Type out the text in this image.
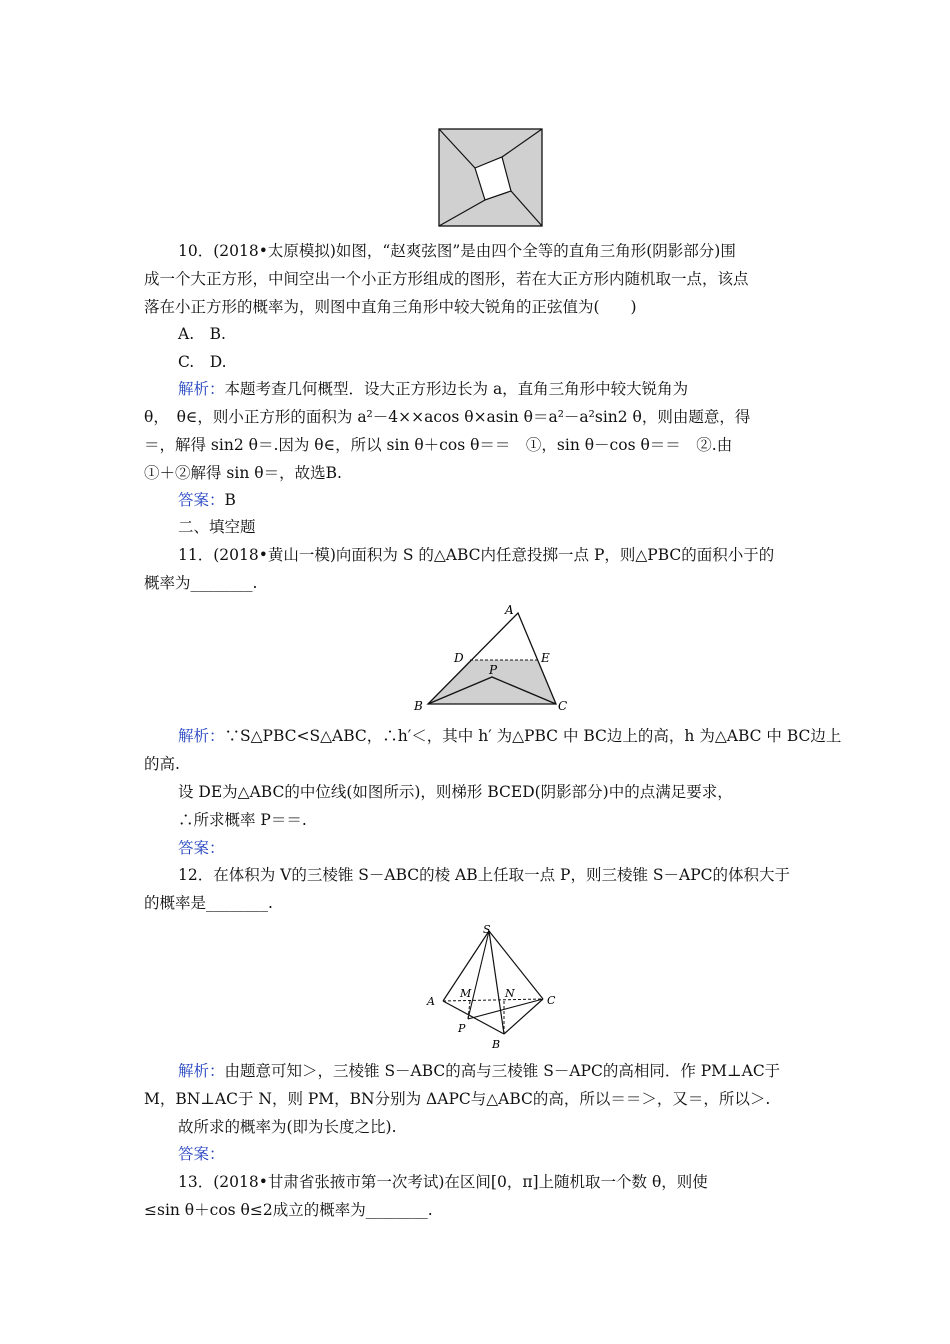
10．(2018•太原模拟)如图，“赵爽弦图”是由四个全等的直角三角形(阴影部分)围
成一个大正方形，中间空出一个小正方形组成的图形，若在大正方形内随机取一点，该点
落在小正方形的概率为，则图中直角三角形中较大锐角的正弦值为(　　)
A.　B.
C.　D.
解析：本题考查几何概型．设大正方形边长为 a，直角三角形中较大锐角为
θ，　θ∈，则小正方形的面积为 a²－4××acos θ×asin θ＝a²－a²sin2 θ，则由题意，得
＝，解得 sin2 θ＝.因为 θ∈，所以 sin θ＋cos θ＝＝　①，sin θ－cos θ＝＝　②.由
①＋②解得 sin θ＝，故选B.
答案：B
二、填空题
11．(2018•黄山一模)向面积为 S 的△ABC内任意投掷一点 P，则△PBC的面积小于的
概率为________.
A
D	E
P
B	C
解析：∵S△PBC<S△ABC，∴h′＜，其中 h′ 为△PBC 中 BC边上的高，h 为△ABC 中 BC边上
的高.
设 DE为△ABC的中位线(如图所示)，则梯形 BCED(阴影部分)中的点满足要求，
∴所求概率 P＝＝.
答案：
12．在体积为 V的三棱锥 S－ABC的棱 AB上任取一点 P，则三棱锥 S－APC的体积大于
的概率是________.
S
A
M	N
C
P
B
解析：由题意可知＞，三棱锥 S－ABC的高与三棱锥 S－APC的高相同．作 PM⊥AC于
M，BN⊥AC于 N，则 PM，BN分别为 ΔAPC与△ABC的高，所以＝＝＞，又＝，所以＞.
故所求的概率为(即为长度之比).
答案：
13．(2018•甘肃省张掖市第一次考试)在区间[0，π]上随机取一个数 θ，则使
≤sin θ＋cos θ≤2成立的概率为________.
